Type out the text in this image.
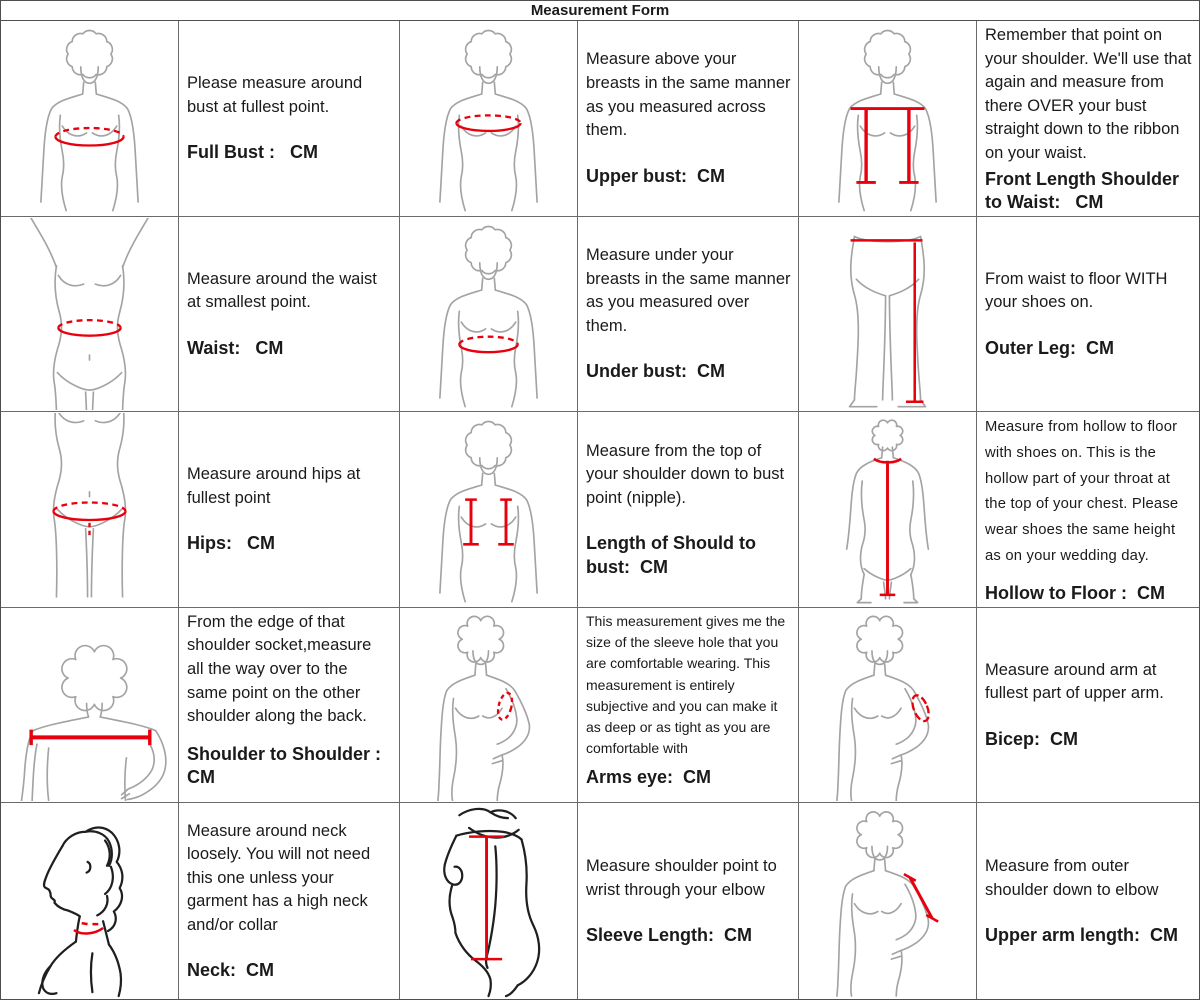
Measurement Form
Please measure around bust at fullest point.
Full Bust :   CM
Measure above your breasts in the same manner as you measured across them.
Upper bust:  CM
Remember that point on your shoulder. We'll use that again and measure from there OVER your bust straight down to the ribbon on your waist.
Front Length Shoulder to Waist:   CM
Measure around the waist at smallest point.
Waist:   CM
Measure under your breasts in the same manner as you measured over them.
Under bust:  CM
From waist to floor WITH your shoes on.
Outer Leg:  CM
Measure around hips at fullest point
Hips:   CM
Measure from the top of your shoulder down to bust point (nipple).
Length of Should to bust:  CM
Measure from hollow to floor with shoes on. This is the hollow part of your throat at the top of your chest. Please wear shoes the same height as on your wedding day.
Hollow to Floor :  CM
From the edge of that shoulder socket,measure all the way over to the same point on the other shoulder along the back.
Shoulder to Shoulder : CM
This measurement gives me the size of the sleeve hole that you are comfortable wearing. This measurement is entirely subjective and you can make it as deep or as tight as you are comfortable with
Arms eye:  CM
Measure around arm at fullest part of upper arm.
Bicep:  CM
Measure around neck loosely. You will not need this one unless your garment has a high neck and/or collar
Neck:  CM
Measure shoulder point to wrist through your elbow
Sleeve Length:  CM
Measure from outer shoulder down to elbow
Upper arm length:  CM
